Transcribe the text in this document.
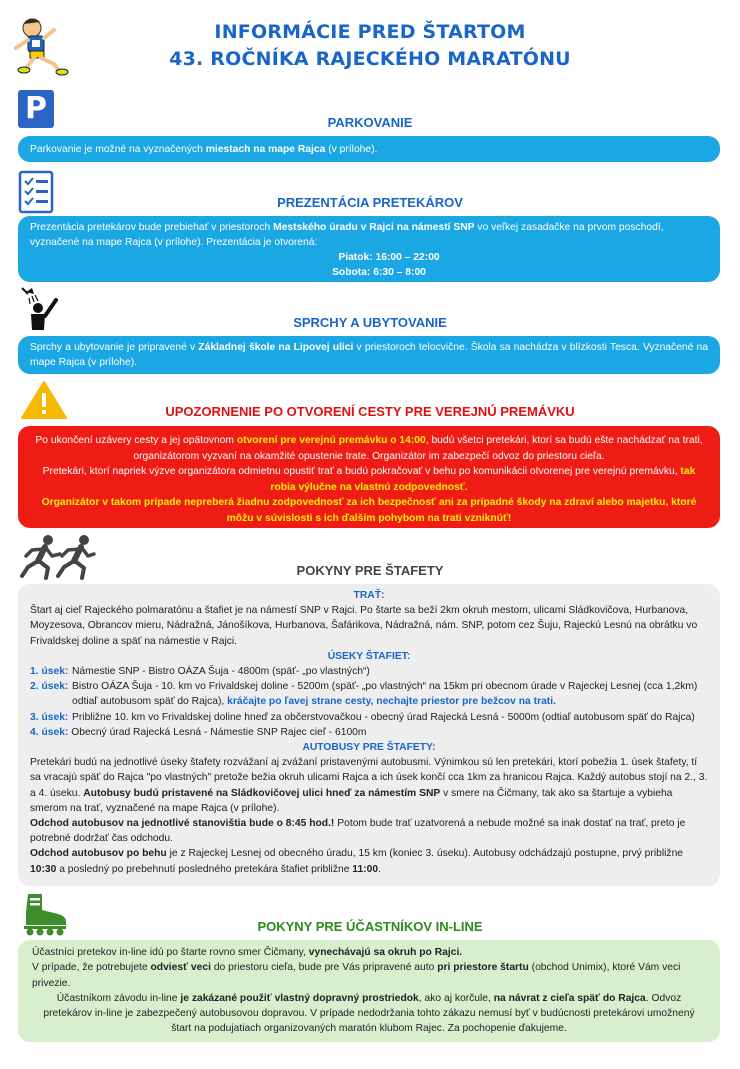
INFORMÁCIE PRED ŠTARTOM
43. ROČNÍKA RAJECKÉHO MARATÓNU
P	PARKOVANIE
Parkovanie je možné na vyznačených miestach na mape Rajca (v prílohe).
PREZENTÁCIA PRETEKÁROV
Prezentácia pretekárov bude prebiehať v priestoroch Mestského úradu v Rajci na námestí SNP vo veľkej zasadačke na prvom poschodí, vyznačené na mape Rajca (v prílohe). Prezentácia je otvorená:
Piatok: 16:00 – 22:00
Sobota: 6:30 – 8:00
SPRCHY A UBYTOVANIE
Sprchy a ubytovanie je pripravené v Základnej škole na Lipovej ulici v priestoroch telocvične. Škola sa nachádza v blízkosti Tesca. Vyznačené na mape Rajca (v prílohe).
UPOZORNENIE PO OTVORENÍ CESTY PRE VEREJNÚ PREMÁVKU
Po ukončení uzávery cesty a jej opätovnom otvorení pre verejnú premávku o 14:00, budú všetci pretekári, ktorí sa budú ešte nachádzať na trati, organizátorom vyzvaní na okamžité opustenie trate. Organizátor im zabezpečí odvoz do priestoru cieľa.
Pretekári, ktorí napriek výzve organizátora odmietnu opustiť trať a budú pokračovať v behu po komunikácii otvorenej pre verejnú premávku, tak robia výlučne na vlastnú zodpovednosť.
Organizátor v takom prípade nepreberá žiadnu zodpovednosť za ich bezpečnosť ani za prípadné škody na zdraví alebo majetku, ktoré môžu v súvislosti s ich ďalším pohybom na trati vzniknúť!
POKYNY PRE ŠTAFETY
TRAŤ:
Štart aj cieľ Rajeckého polmaratónu a štafiet je na námestí SNP v Rajci. Po štarte sa beží 2km okruh mestom, ulicami Sládkovičova, Hurbanova, Moyzesova, Obrancov mieru, Nádražná, Jánošíkova, Hurbanova, Šafárikova, Nádražná, nám. SNP, potom cez Šuju, Rajeckú Lesnú na obrátku vo Frivaldskej doline a späť na námestie v Rajci.
ÚSEKY ŠTAFIET:
1. úsek: Námestie SNP - Bistro OÁZA Šuja - 4800m (späť- „po vlastných“)
2. úsek: Bistro OÁZA Šuja - 10. km vo Frivaldskej doline - 5200m (späť- „po vlastných“ na 15km pri obecnom úrade v Rajeckej Lesnej (cca 1,2km) odtiaľ autobusom späť do Rajca), kráčajte po ľavej strane cesty, nechajte priestor pre bežcov na trati.
3. úsek: Približne 10. km vo Frivaldskej doline hneď za občerstvovačkou - obecný úrad Rajecká Lesná - 5000m (odtiaľ autobusom späť do Rajca)
4. úsek: Obecný úrad Rajecká Lesná - Námestie SNP Rajec cieľ - 6100m
AUTOBUSY PRE ŠTAFETY:
Pretekári budú na jednotlivé úseky štafety rozvážaní aj zvážaní pristavenými autobusmi. Výnimkou sú len pretekári, ktorí pobežia 1. úsek štafety, tí sa vracajú späť do Rajca "po vlastných" pretože bežia okruh ulicami Rajca a ich úsek končí cca 1km za hranicou Rajca. Každý autobus stojí na 2., 3. a 4. úseku. Autobusy budú pristavené na Sládkovičovej ulici hneď za námestím SNP v smere na Čičmany, tak ako sa štartuje a vybieha smerom na trať, vyznačené na mape Rajca (v prílohe).
Odchod autobusov na jednotlivé stanovištia bude o 8:45 hod.! Potom bude trať uzatvorená a nebude možné sa inak dostať na trať, preto je potrebné dodržať čas odchodu.
Odchod autobusov po behu je z Rajeckej Lesnej od obecného úradu, 15 km (koniec 3. úseku). Autobusy odchádzajú postupne, prvý približne 10:30 a posledný po prebehnutí posledného pretekára štafiet približne 11:00.
POKYNY PRE ÚČASTNÍKOV IN-LINE
Účastníci pretekov in-line idú po štarte rovno smer Čičmany, vynechávajú sa okruh po Rajci.
V prípade, že potrebujete odviesť veci do priestoru cieľa, bude pre Vás pripravené auto pri priestore štartu (obchod Unimix), ktoré Vám veci privezie.
Účastníkom závodu in-line je zakázané použiť vlastný dopravný prostriedok, ako aj korčule, na návrat z cieľa späť do Rajca. Odvoz pretekárov in-line je zabezpečený autobusovou dopravou. V prípade nedodržania tohto zákazu nemusí byť v budúcnosti pretekárovi umožnený štart na podujatiach organizovaných maratón klubom Rajec. Za pochopenie ďakujeme.
